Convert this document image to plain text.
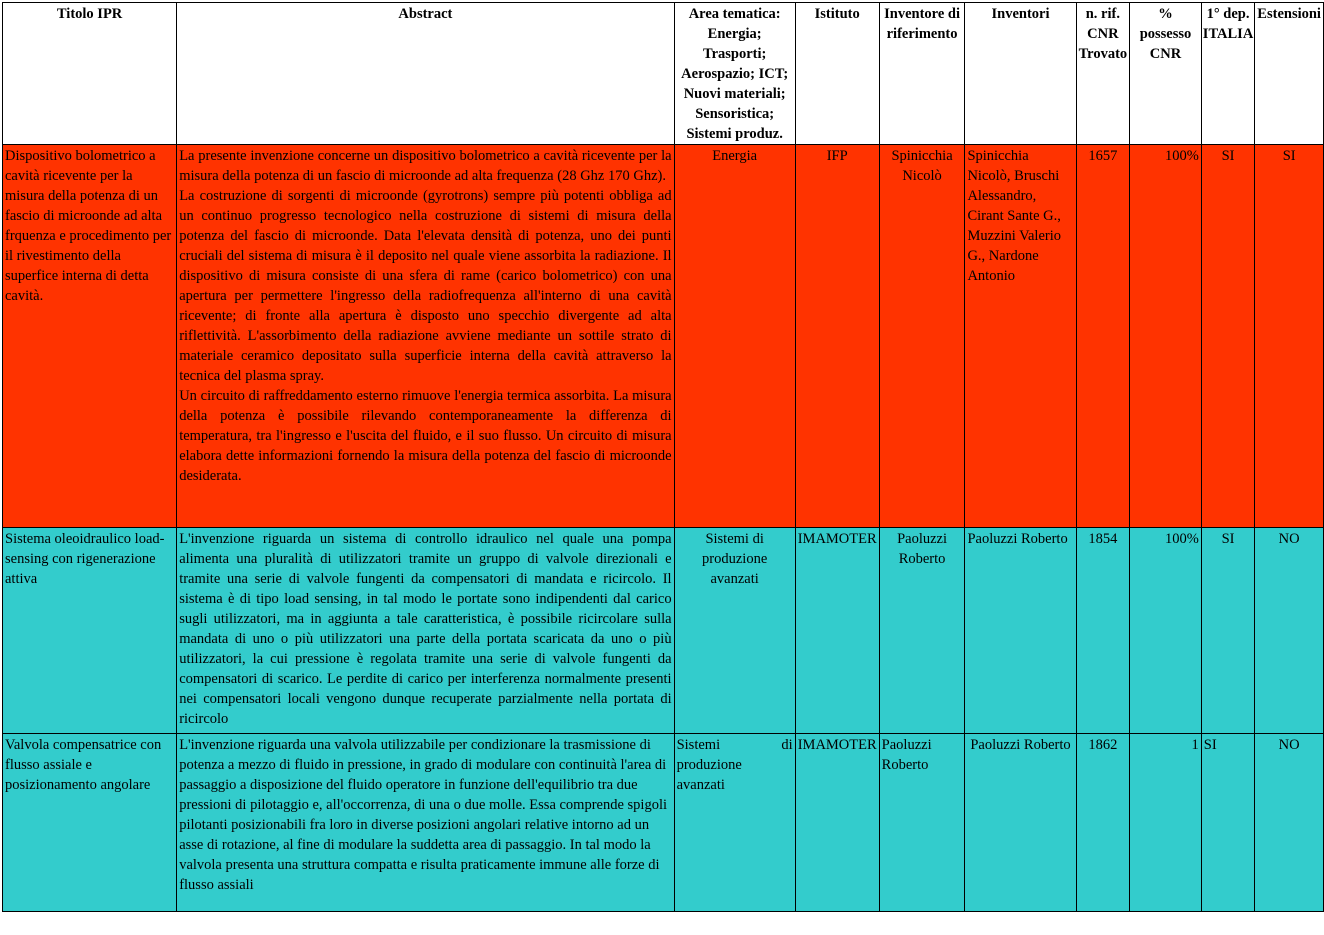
Titolo IPR	Abstract	Area tematica: Energia; Trasporti; Aerospazio; ICT; Nuovi materiali; Sensoristica; Sistemi produz.	Istituto	Inventore di riferimento	Inventori	n. rif. CNR Trovato	% possesso CNR	1° dep. ITALIA	Estensioni
Dispositivo bolometrico a cavità ricevente per la misura della potenza di un fascio di microonde ad alta frquenza e procedimento per il rivestimento della superfice interna di detta cavità.	La presente invenzione concerne un dispositivo bolometrico a cavità ricevente per la misura della potenza di un fascio di microonde ad alta frequenza (28 Ghz 170 Ghz).

La costruzione di sorgenti di microonde (gyrotrons) sempre più potenti obbliga ad un continuo progresso tecnologico nella costruzione di sistemi di misura della potenza del fascio di microonde. Data l'elevata densità di potenza, uno dei punti cruciali del sistema di misura è il deposito nel quale viene assorbita la radiazione. Il dispositivo di misura consiste di una sfera di rame (carico bolometrico) con una apertura per permettere l'ingresso della radiofrequenza all'interno di una cavità ricevente; di fronte alla apertura è disposto uno specchio divergente ad alta riflettività. L'assorbimento della radiazione avviene mediante un sottile strato di materiale ceramico depositato sulla superficie interna della cavità attraverso la tecnica del plasma spray.

Un circuito di raffreddamento esterno rimuove l'energia termica assorbita. La misura della potenza è possibile rilevando contemporaneamente la differenza di temperatura, tra l'ingresso e l'uscita del fluido, e il suo flusso. Un circuito di misura elabora dette informazioni fornendo la misura della potenza del fascio di microonde desiderata.	Energia	IFP	Spinicchia Nicolò	Spinicchia Nicolò, Bruschi Alessandro, Cirant Sante G., Muzzini Valerio G., Nardone Antonio	1657	100%	SI	SI
Sistema oleoidraulico load-sensing con rigenerazione attiva	L'invenzione riguarda un sistema di controllo idraulico nel quale una pompa alimenta una pluralità di utilizzatori tramite un gruppo di valvole direzionali e tramite una serie di valvole fungenti da compensatori di mandata e ricircolo. Il sistema è di tipo load sensing, in tal modo le portate sono indipendenti dal carico sugli utilizzatori, ma in aggiunta a tale caratteristica, è possibile ricircolare sulla mandata di uno o più utilizzatori una parte della portata scaricata da uno o più utilizzatori, la cui pressione è regolata tramite una serie di valvole fungenti da compensatori di scarico. Le perdite di carico per interferenza normalmente presenti nei compensatori locali vengono dunque recuperate parzialmente nella portata di ricircolo	Sistemi di produzione avanzati	IMAMOTER	Paoluzzi Roberto	Paoluzzi Roberto	1854	100%	SI	NO
Valvola compensatrice con flusso assiale e posizionamento angolare	L'invenzione riguarda una valvola utilizzabile per condizionare la trasmissione di potenza a mezzo di fluido in pressione, in grado di modulare con continuità l'area di passaggio a disposizione del fluido operatore in funzione dell'equilibrio tra due pressioni di pilotaggio e, all'occorrenza, di una o due molle. Essa comprende spigoli pilotanti posizionabili fra loro in diverse posizioni angolari relative intorno ad un asse di rotazione, al fine di modulare la suddetta area di passaggio. In tal modo la valvola presenta una struttura compatta e risulta praticamente immune alle forze di flusso assiali	Sistemi di produzione avanzati	IMAMOTER	Paoluzzi Roberto	Paoluzzi Roberto	1862	1	SI	NO
